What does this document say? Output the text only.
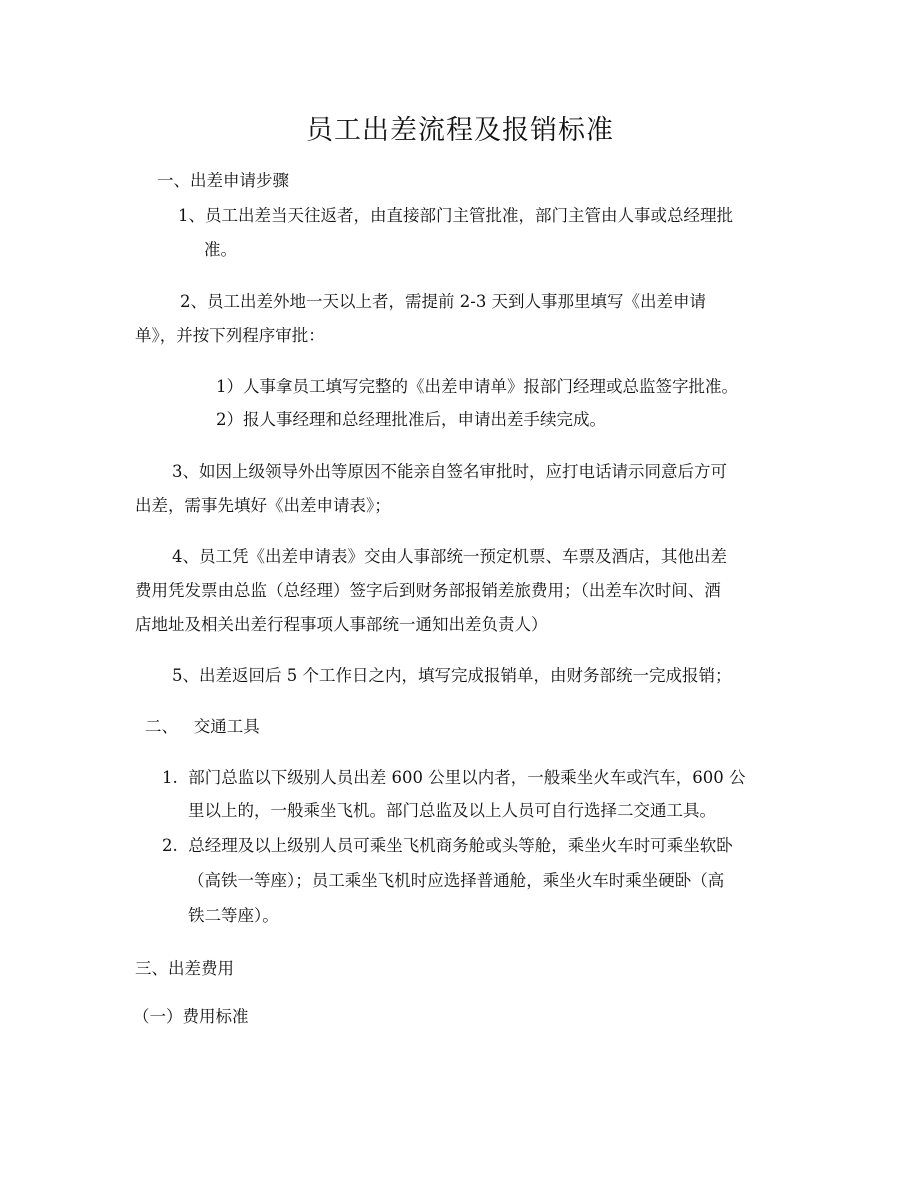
员工出差流程及报销标准
一、出差申请步骤
1、员工出差当天往返者，由直接部门主管批准，部门主管由人事或总经理批
准。
2、员工出差外地一天以上者，需提前 2-3 天到人事那里填写《出差申请
单》，并按下列程序审批：
1）人事拿员工填写完整的《出差申请单》报部门经理或总监签字批准。
2）报人事经理和总经理批准后，申请出差手续完成。
3、如因上级领导外出等原因不能亲自签名审批时，应打电话请示同意后方可
出差，需事先填好《出差申请表》；
4、员工凭《出差申请表》交由人事部统一预定机票、车票及酒店，其他出差
费用凭发票由总监（总经理）签字后到财务部报销差旅费用；（出差车次时间、酒
店地址及相关出差行程事项人事部统一通知出差负责人）
5、出差返回后 5 个工作日之内，填写完成报销单，由财务部统一完成报销；
二、   交通工具
1.  部门总监以下级别人员出差 600 公里以内者，一般乘坐火车或汽车，600 公
里以上的，一般乘坐飞机。部门总监及以上人员可自行选择二交通工具。
2.  总经理及以上级别人员可乘坐飞机商务舱或头等舱，乘坐火车时可乘坐软卧
（高铁一等座）；员工乘坐飞机时应选择普通舱，乘坐火车时乘坐硬卧（高
铁二等座）。
三、出差费用
（一）费用标准
